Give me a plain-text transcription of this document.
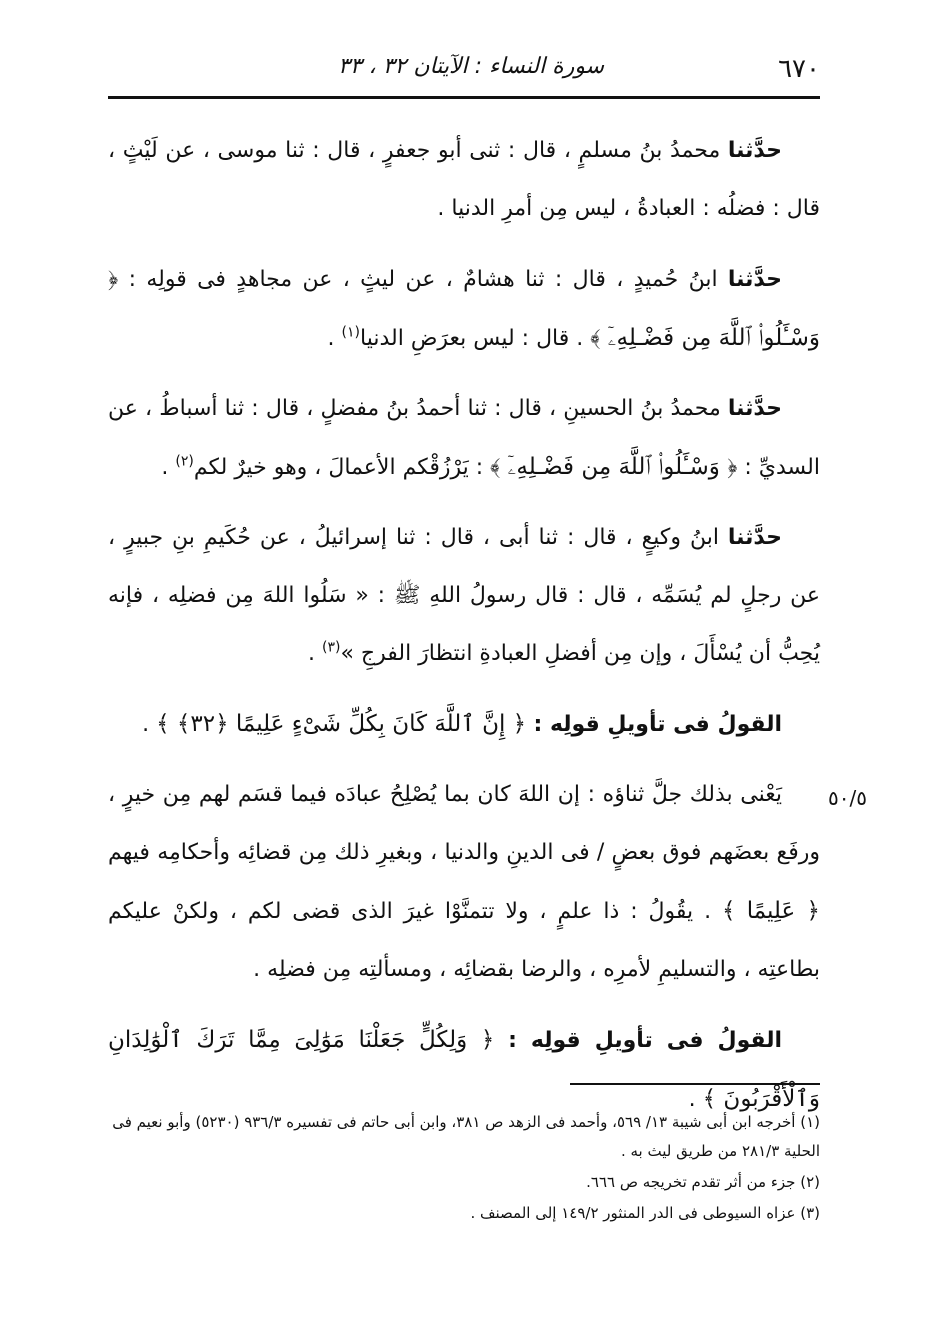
٦٧٠
سورة النساء : الآيتان ٣٢ ، ٣٣
٥٠/٥

حدَّثنا محمدُ بنُ مسلمٍ ، قال : ثنى أبو جعفرٍ ، قال : ثنا موسى ، عن لَيْثٍ ، قال : فضلُه : العبادةُ ، ليس مِن أمرِ الدنيا .

حدَّثنا ابنُ حُميدٍ ، قال : ثنا هشامٌ ، عن ليثٍ ، عن مجاهدٍ فى قولِه : ﴿ وَسْـَٔلُوا۟ ٱللَّهَ مِن فَضْـلِهِۦٓ ﴾ . قال : ليس بعرَضِ الدنيا$^{(١)}$ .

حدَّثنا محمدُ بنُ الحسينِ ، قال : ثنا أحمدُ بنُ مفضلٍ ، قال : ثنا أسباطُ ، عن السديِّ : ﴿ وَسْـَٔلُوا۟ ٱللَّهَ مِن فَضْـلِهِۦٓ ﴾ : يَرْزُقْكم الأعمالَ ، وهو خيرٌ لكم$^{(٢)}$ .

حدَّثنا ابنُ وكيعٍ ، قال : ثنا أبى ، قال : ثنا إسرائيلُ ، عن حُكَيمِ بنِ جبيرٍ ، عن رجلٍ لم يُسَمِّه ، قال : قال رسولُ اللهِ ﷺ : « سَلُوا اللهَ مِن فضلِه ، فإنه يُحِبُّ أن يُسْأَلَ ، وإن مِن أفضلِ العبادةِ انتظارَ الفرجِ »$^{(٣)}$ .

القولُ فى تأويلِ قولِه : ﴿ إِنَّ ٱللَّهَ كَانَ بِكُلِّ شَىْءٍ عَلِيمًا ﴿٣٢﴾ ﴾ .

يَعْنى بذلك جلَّ ثناؤه : إن اللهَ كان بما يُصْلِحُ عبادَه فيما قسَم لهم مِن خيرٍ ، ورفَع بعضَهم فوق بعضٍ / فى الدينِ والدنيا ، وبغيرِ ذلك مِن قضائِه وأحكامِه فيهم ﴿ عَلِيمًا ﴾ . يقُولُ : ذا علمٍ ، ولا تتمنَّوْا غيرَ الذى قضى لكم ، ولكنْ عليكم بطاعتِه ، والتسليمِ لأمرِه ، والرضا بقضائِه ، ومسألتِه مِن فضلِه .

القولُ فى تأويلِ قولِه : ﴿ وَلِكُلٍّ جَعَلْنَا مَوَٰلِىَ مِمَّا تَرَكَ ٱلْوَٰلِدَانِ وَٱلْأَقْرَبُونَ ﴾ .

(١) أخرجه ابن أبى شيبة ١٣/ ٥٦٩، وأحمد فى الزهد ص ٣٨١، وابن أبى حاتم فى تفسيره ٩٣٦/٣ (٥٢٣٠) وأبو نعيم فى الحلية ٢٨١/٣ من طريق ليث به .

(٢) جزء من أثر تقدم تخريجه ص ٦٦٦.

(٣) عزاه السيوطى فى الدر المنثور ١٤٩/٢ إلى المصنف .
